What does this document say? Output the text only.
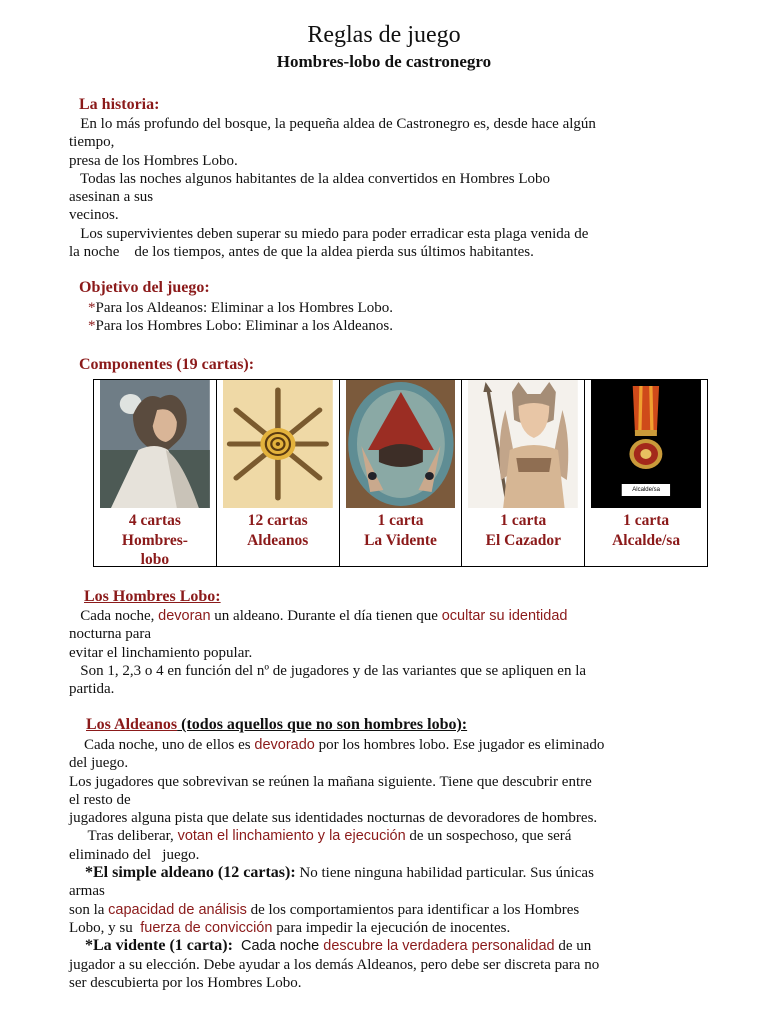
Reglas de juego
Hombres-lobo de castronegro
La historia:
En lo más profundo del bosque, la pequeña aldea de Castronegro es, desde hace algún
tiempo,
presa de los Hombres Lobo.
Todas las noches algunos habitantes de la aldea convertidos en Hombres Lobo
asesinan a sus
vecinos.
Los supervivientes deben superar su miedo para poder erradicar esta plaga venida de
la noche    de los tiempos, antes de que la aldea pierda sus últimos habitantes.
Objetivo del juego:
*Para los Aldeanos: Eliminar a los Hombres Lobo.
*Para los Hombres Lobo: Eliminar a los Aldeanos.
Componentes (19 cartas):
4 cartas
Hombres-
lobo
12 cartas
Aldeanos
1 carta
La Vidente
1 carta
El Cazador
Alcalde/sa
1 carta
Alcalde/sa
Los Hombres Lobo:
Cada noche, devoran un aldeano. Durante el día tienen que ocultar su identidad
nocturna para
evitar el linchamiento popular.
Son 1, 2,3 o 4 en función del nº de jugadores y de las variantes que se apliquen en la
partida.
Los Aldeanos (todos aquellos que no son hombres lobo):
Cada noche, uno de ellos es devorado por los hombres lobo. Ese jugador es eliminado
del juego.
Los jugadores que sobrevivan se reúnen la mañana siguiente. Tiene que descubrir entre
el resto de
jugadores alguna pista que delate sus identidades nocturnas de devoradores de hombres.
Tras deliberar, votan el linchamiento y la ejecución de un sospechoso, que será
eliminado del   juego.
*El simple aldeano (12 cartas): No tiene ninguna habilidad particular. Sus únicas
armas
son la capacidad de análisis de los comportamientos para identificar a los Hombres
Lobo, y su  fuerza de convicción para impedir la ejecución de inocentes.
*La vidente (1 carta):  Cada noche descubre la verdadera personalidad de un
jugador a su elección. Debe ayudar a los demás Aldeanos, pero debe ser discreta para no
ser descubierta por los Hombres Lobo.
